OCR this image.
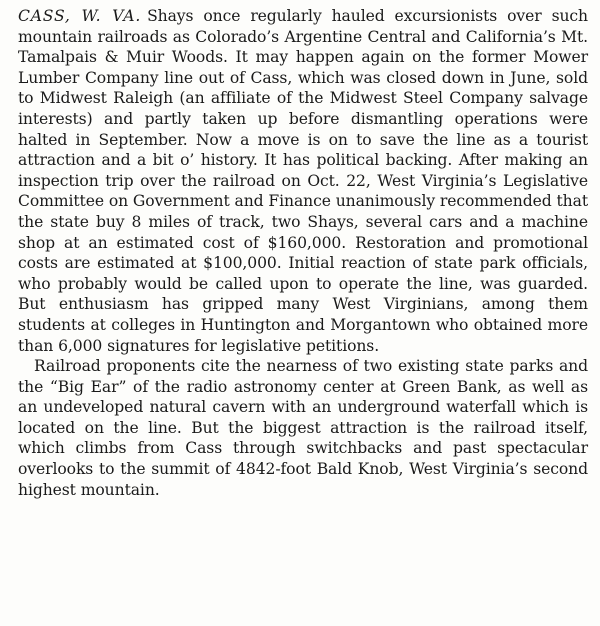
CASS, W. VA. Shays once regularly hauled excursionists over such mountain railroads as Colorado’s Argentine Central and California’s Mt. Tamalpais & Muir Woods. It may happen again on the former Mower Lumber Company line out of Cass, which was closed down in June, sold to Midwest Raleigh (an affiliate of the Midwest Steel Company salvage interests) and partly taken up before dismantling operations were halted in September. Now a move is on to save the line as a tourist attraction and a bit o’ history. It has political backing. After making an inspection trip over the railroad on Oct. 22, West Virginia’s Legislative Committee on Government and Finance unanimously recommended that the state buy 8 miles of track, two Shays, several cars and a machine shop at an estimated cost of $160,000. Restoration and promotional costs are estimated at $100,000. Initial reaction of state park officials, who probably would be called upon to operate the line, was guarded. But enthusiasm has gripped many West Virginians, among them students at colleges in Huntington and Morgantown who obtained more than 6,000 signatures for legislative petitions.

Railroad proponents cite the nearness of two existing state parks and the “Big Ear” of the radio astronomy center at Green Bank, as well as an undeveloped natural cavern with an underground waterfall which is located on the line. But the biggest attraction is the railroad itself, which climbs from Cass through switchbacks and past spectacular overlooks to the summit of 4842-foot Bald Knob, West Virginia’s second highest mountain.
